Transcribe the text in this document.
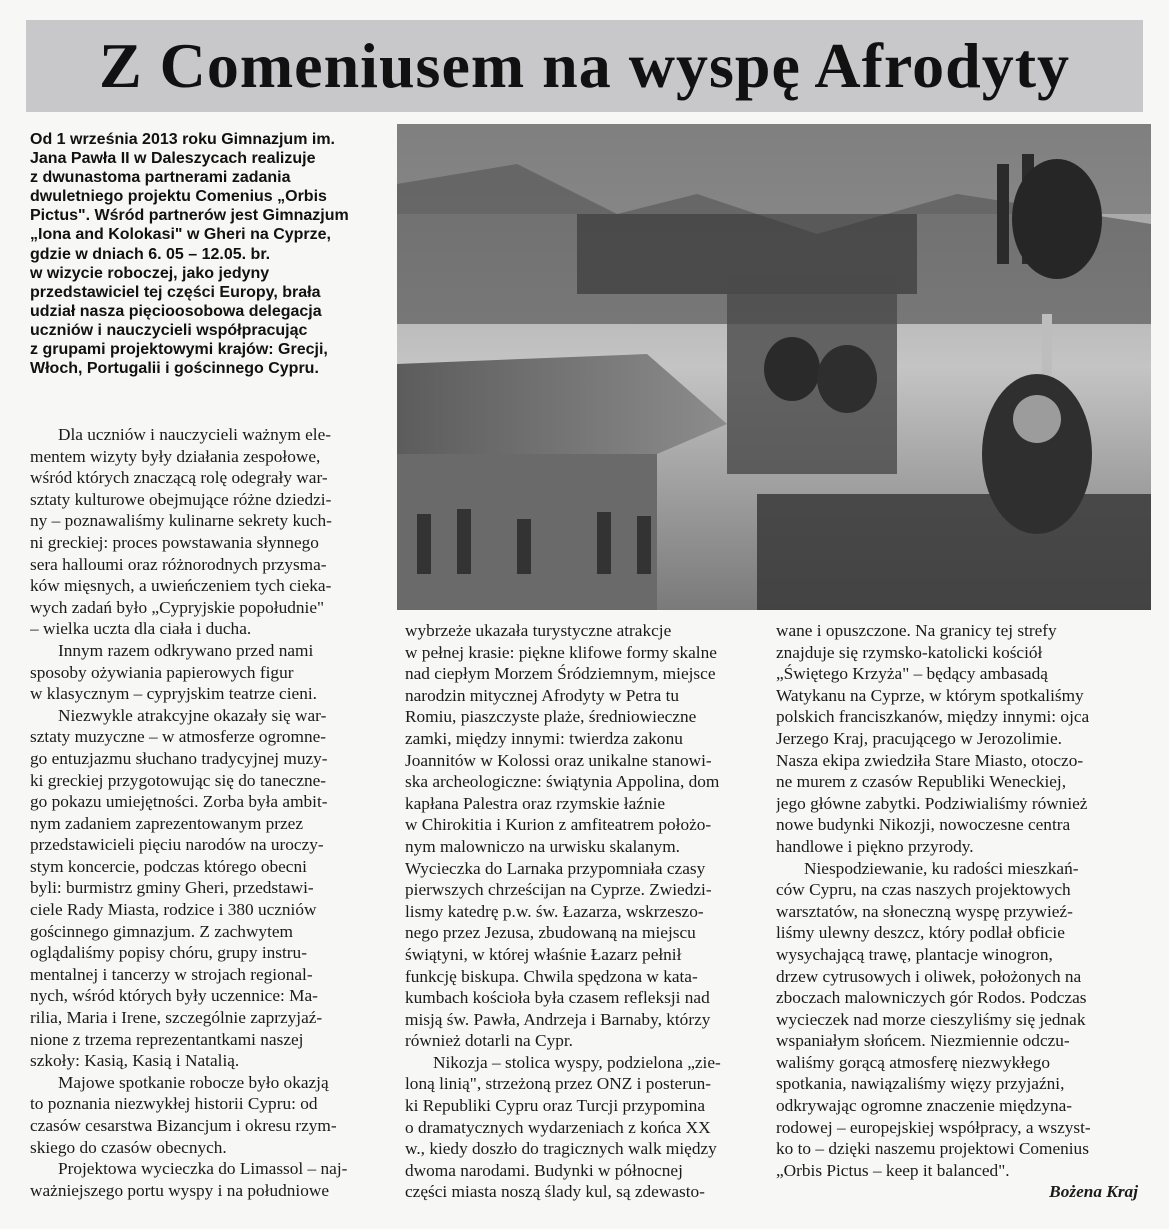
Z Comeniusem na wyspę Afrodyty
Od 1 września 2013 roku Gimnazjum im.
Jana Pawła II w Daleszycach realizuje
z dwunastoma partnerami zadania
dwuletniego projektu Comenius „Orbis
Pictus". Wśród partnerów jest Gimnazjum
„Iona and Kolokasi" w Gheri na Cyprze,
gdzie w dniach 6. 05 – 12.05. br.
w wizycie roboczej, jako jedyny
przedstawiciel tej części Europy, brała
udział nasza pięcioosobowa delegacja
uczniów i nauczycieli współpracując
z grupami projektowymi krajów: Grecji,
Włoch, Portugalii i gościnnego Cypru.
Dla uczniów i nauczycieli ważnym ele-
mentem wizyty były działania zespołowe,
wśród których znaczącą rolę odegrały war-
sztaty kulturowe obejmujące różne dziedzi-
ny – poznawaliśmy kulinarne sekrety kuch-
ni greckiej: proces powstawania słynnego
sera halloumi oraz różnorodnych przysma-
ków mięsnych, a uwieńczeniem tych cieka-
wych zadań było „Cypryjskie popołudnie"
– wielka uczta dla ciała i ducha.
Innym razem odkrywano przed nami
sposoby ożywiania papierowych figur
w klasycznym – cypryjskim teatrze cieni.
Niezwykle atrakcyjne okazały się war-
sztaty muzyczne – w atmosferze ogromne-
go entuzjazmu słuchano tradycyjnej muzy-
ki greckiej przygotowując się do taneczne-
go pokazu umiejętności. Zorba była ambit-
nym zadaniem zaprezentowanym przez
przedstawicieli pięciu narodów na uroczy-
stym koncercie, podczas którego obecni
byli: burmistrz gminy Gheri, przedstawi-
ciele Rady Miasta, rodzice i 380 uczniów
gościnnego gimnazjum. Z zachwytem
oglądaliśmy popisy chóru, grupy instru-
mentalnej i tancerzy w strojach regional-
nych, wśród których były uczennice: Ma-
rilia, Maria i Irene, szczególnie zaprzyjaź-
nione z trzema reprezentantkami naszej
szkoły: Kasią, Kasią i Natalią.
Majowe spotkanie robocze było okazją
to poznania niezwykłej historii Cypru: od
czasów cesarstwa Bizancjum i okresu rzym-
skiego do czasów obecnych.
Projektowa wycieczka do Limassol – naj-
ważniejszego portu wyspy i na południowe
wybrzeże ukazała turystyczne atrakcje
w pełnej krasie: piękne klifowe formy skalne
nad ciepłym Morzem Śródziemnym, miejsce
narodzin mitycznej Afrodyty w Petra tu
Romiu, piaszczyste plaże, średniowieczne
zamki, między innymi: twierdza zakonu
Joannitów w Kolossi oraz unikalne stanowi-
ska archeologiczne: świątynia Appolina, dom
kapłana Palestra oraz rzymskie łaźnie
w Chirokitia i Kurion z amfiteatrem położo-
nym malowniczo na urwisku skalanym.
Wycieczka do Larnaka przypomniała czasy
pierwszych chrześcijan na Cyprze. Zwiedzi-
lismy katedrę p.w. św. Łazarza, wskrzeszo-
nego przez Jezusa, zbudowaną na miejscu
świątyni, w której właśnie Łazarz pełnił
funkcję biskupa. Chwila spędzona w kata-
kumbach kościoła była czasem refleksji nad
misją św. Pawła, Andrzeja i Barnaby, którzy
również dotarli na Cypr.
Nikozja – stolica wyspy, podzielona „zie-
loną linią", strzeżoną przez ONZ i posterun-
ki Republiki Cypru oraz Turcji przypomina
o dramatycznych wydarzeniach z końca XX
w., kiedy doszło do tragicznych walk między
dwoma narodami. Budynki w północnej
części miasta noszą ślady kul, są zdewasto-
wane i opuszczone. Na granicy tej strefy
znajduje się rzymsko-katolicki kościół
„Świętego Krzyża" – będący ambasadą
Watykanu na Cyprze, w którym spotkaliśmy
polskich franciszkanów, między innymi: ojca
Jerzego Kraj, pracującego w Jerozolimie.
Nasza ekipa zwiedziła Stare Miasto, otoczo-
ne murem z czasów Republiki Weneckiej,
jego główne zabytki. Podziwialiśmy również
nowe budynki Nikozji, nowoczesne centra
handlowe i piękno przyrody.
Niespodziewanie, ku radości mieszkań-
ców Cypru, na czas naszych projektowych
warsztatów, na słoneczną wyspę przywieź-
liśmy ulewny deszcz, który podlał obficie
wysychającą trawę, plantacje winogron,
drzew cytrusowych i oliwek, położonych na
zboczach malowniczych gór Rodos. Podczas
wycieczek nad morze cieszyliśmy się jednak
wspaniałym słońcem. Niezmiennie odczu-
waliśmy gorącą atmosferę niezwykłego
spotkania, nawiązaliśmy więzy przyjaźni,
odkrywając ogromne znaczenie międzyna-
rodowej – europejskiej współpracy, a wszyst-
ko to – dzięki naszemu projektowi Comenius
„Orbis Pictus – keep it balanced".
Bożena Kraj
